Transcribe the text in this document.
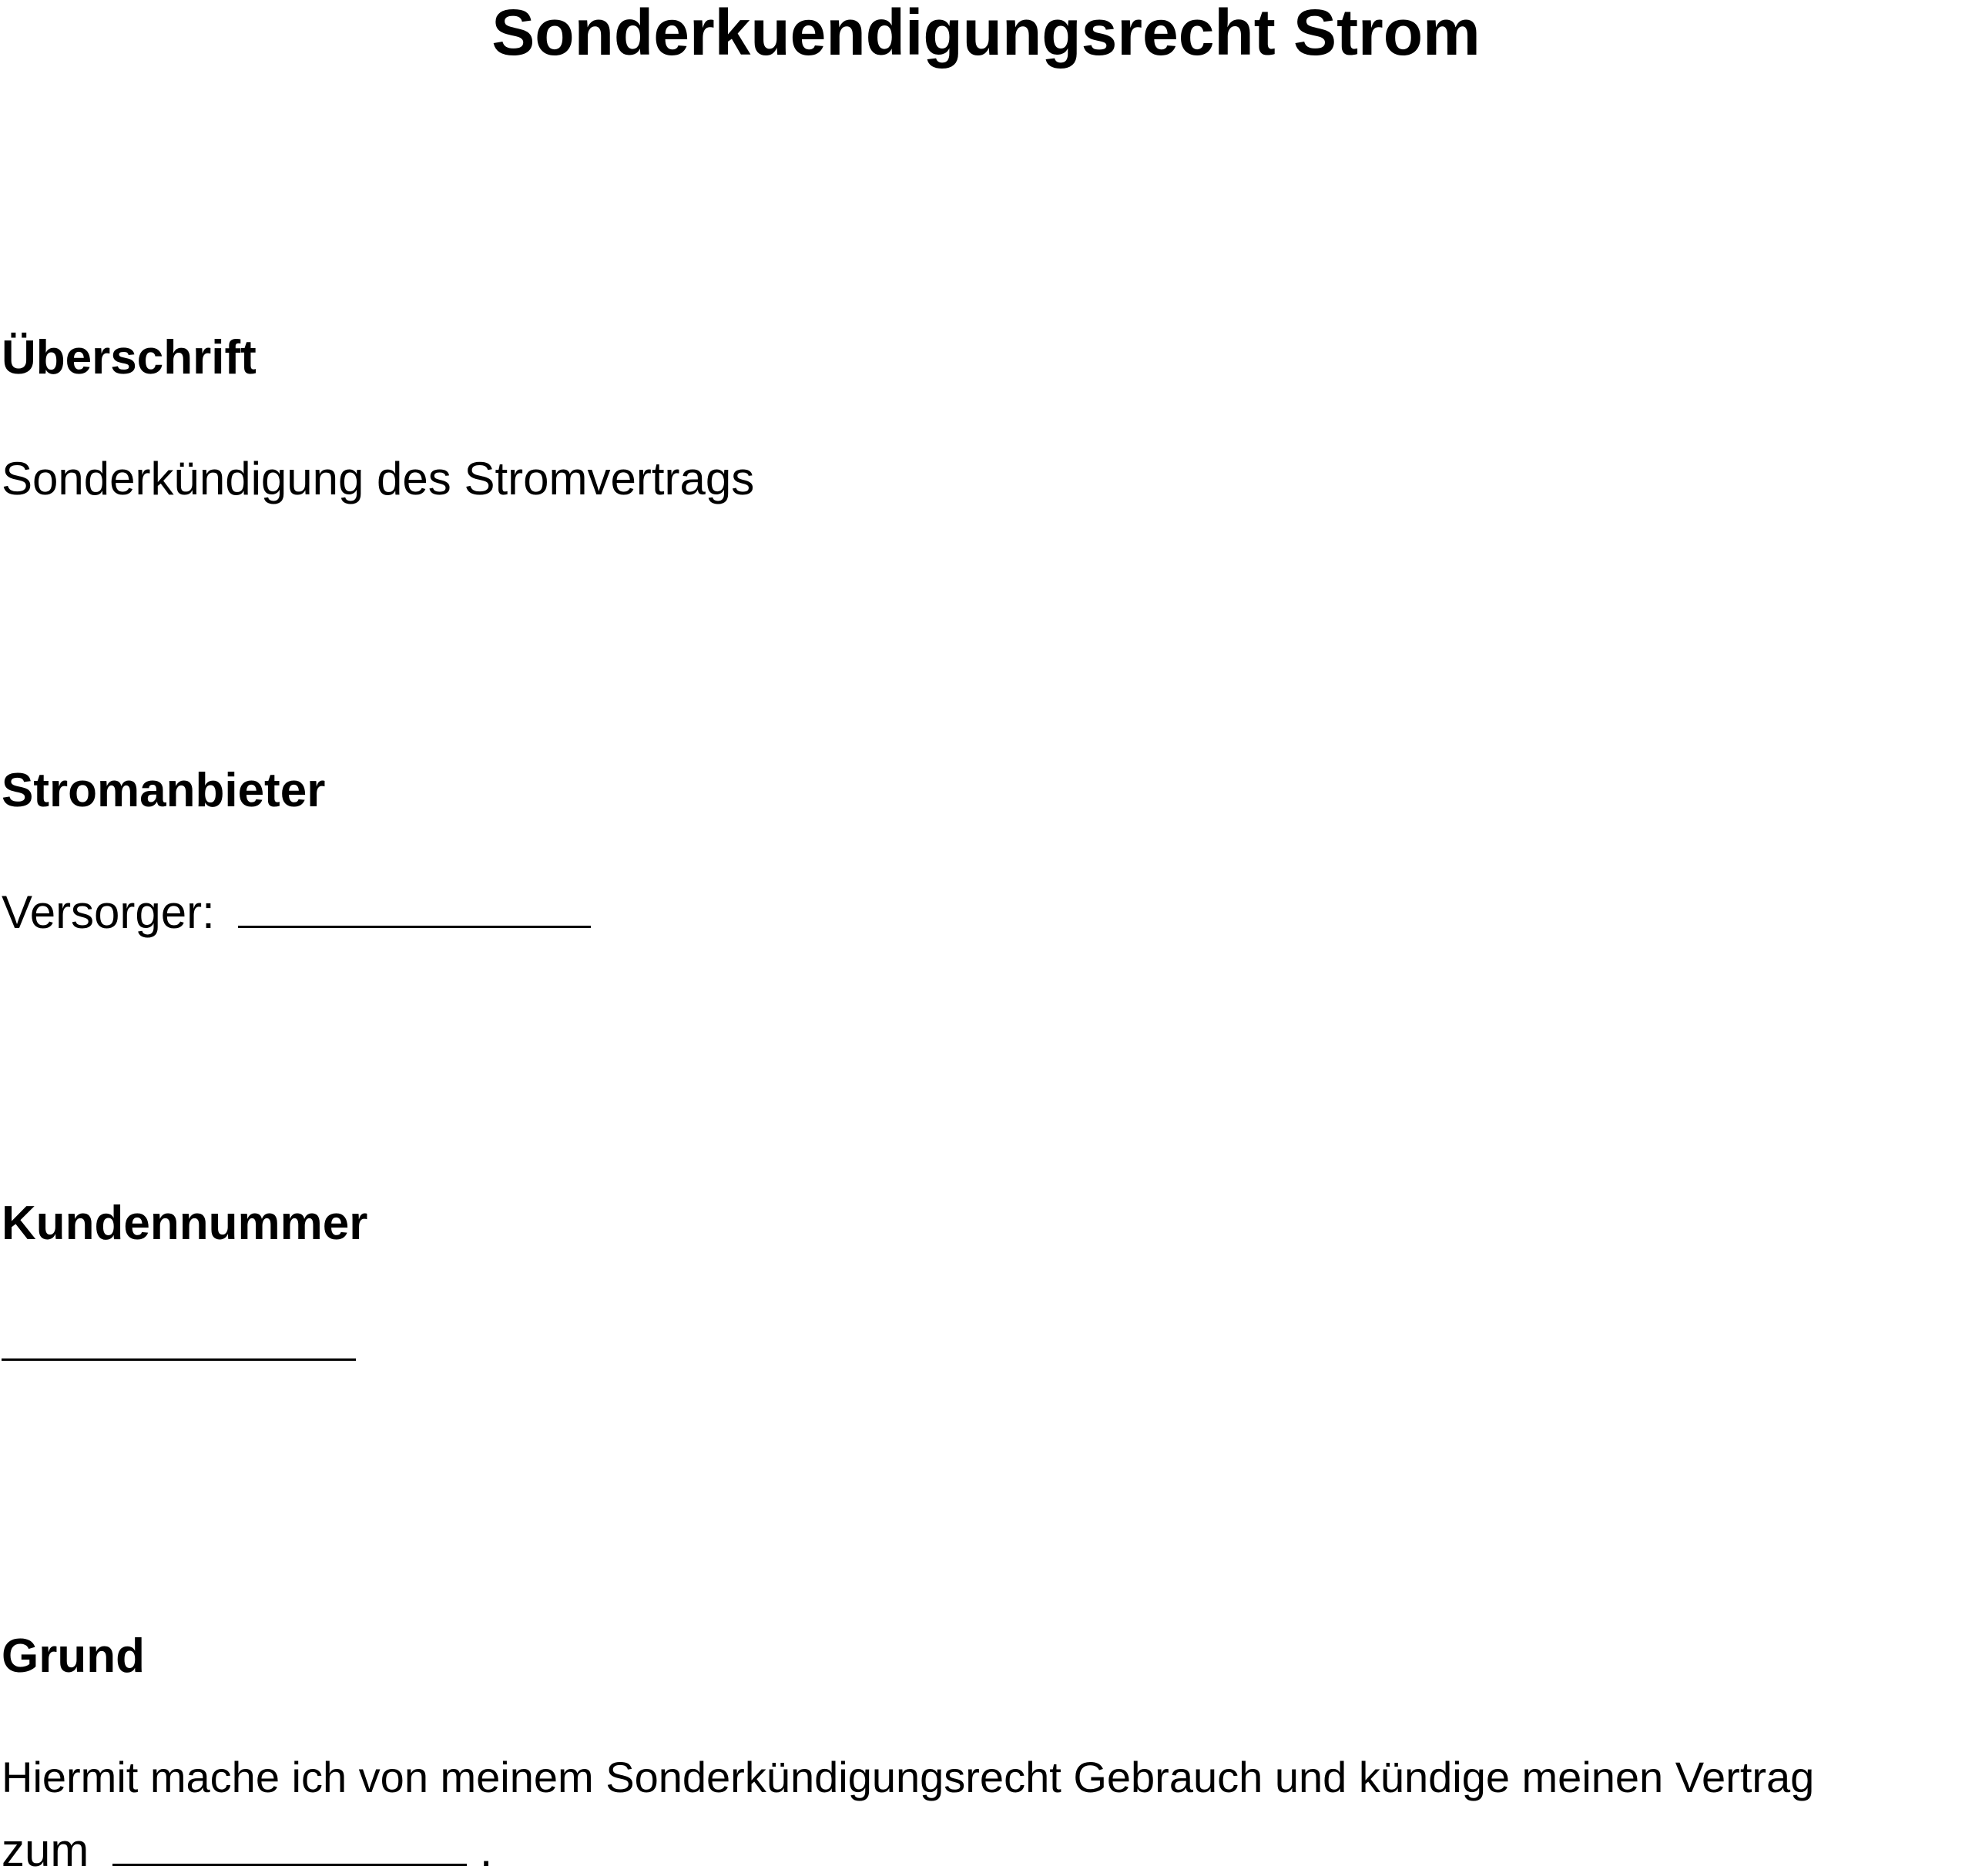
Sonderkuendigungsrecht Strom
Überschrift
Sonderkündigung des Stromvertrags
Stromanbieter
Versorger:
Kundennummer
Grund
Hiermit mache ich von meinem Sonderkündigungsrecht Gebrauch und kündige meinen Vertrag
zum	.
